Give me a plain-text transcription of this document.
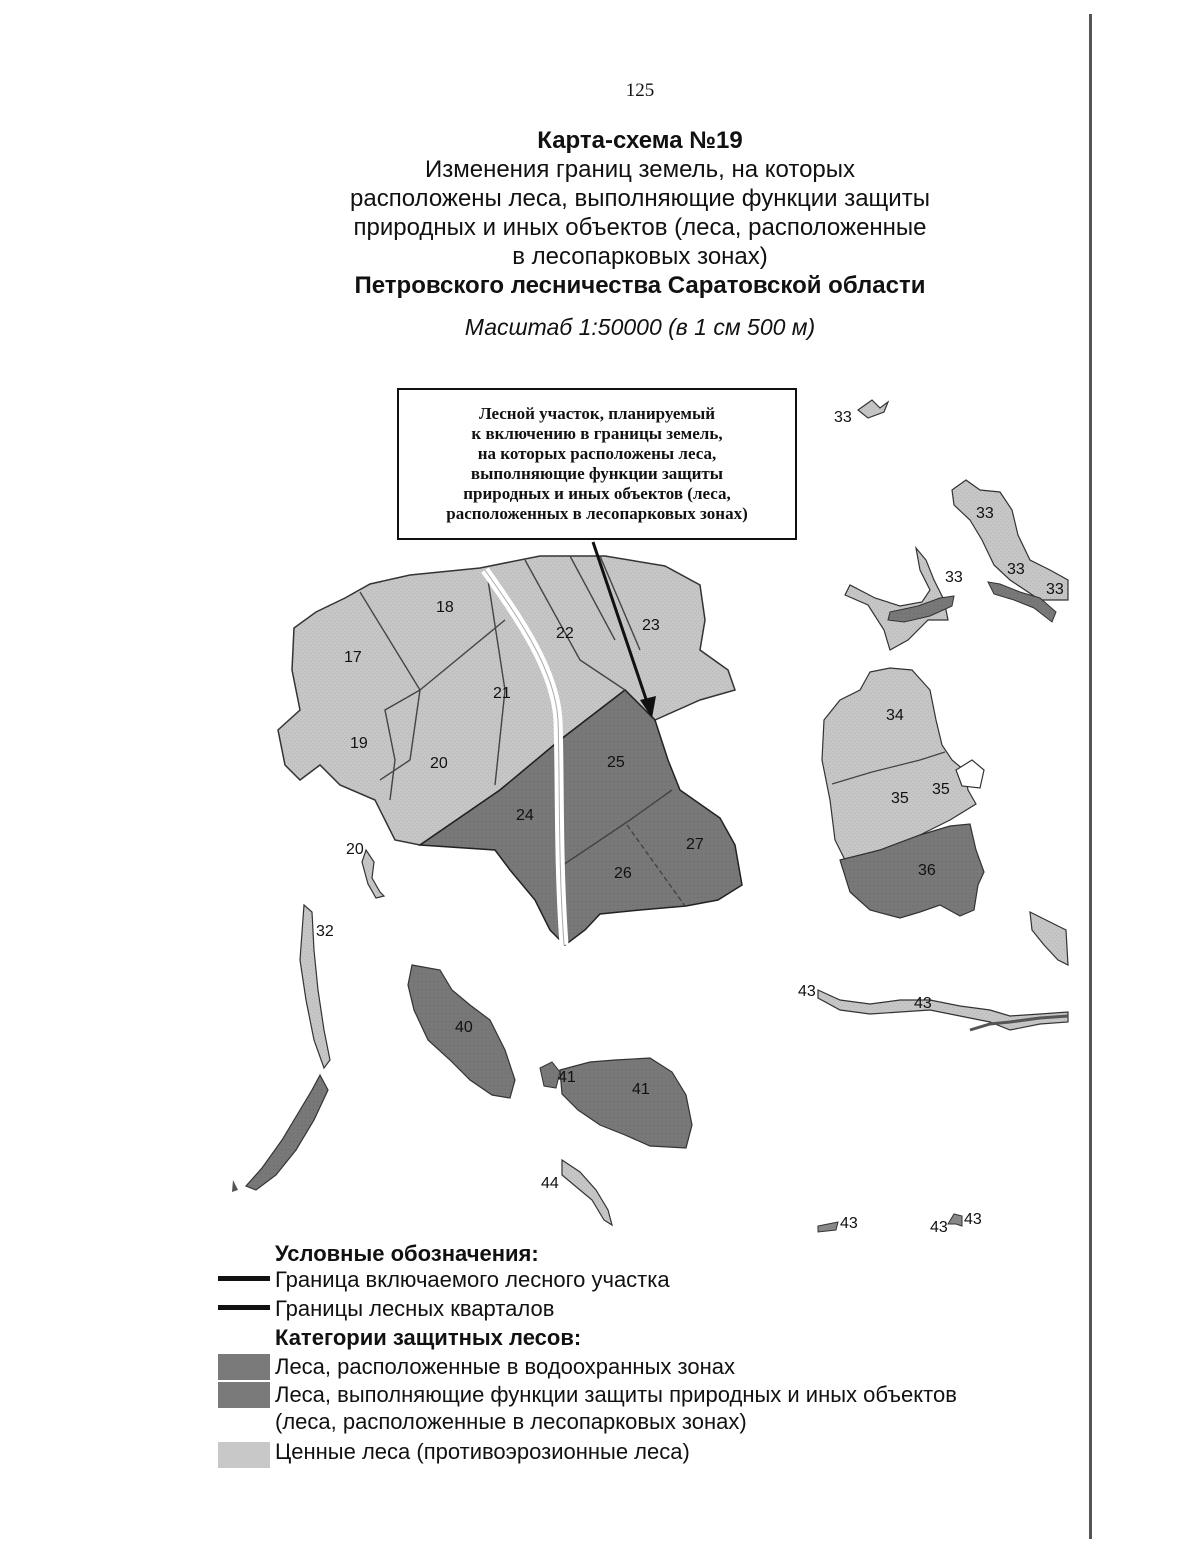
125
Карта-схема №19
Изменения границ земель, на которых
расположены леса, выполняющие функции защиты
природных и иных объектов (леса, расположенные
в лесопарковых зонах)
Петровского лесничества Саратовской области
Масштаб 1:50000 (в 1 см 500 м)
17
18
19
20
20
21
22	23
24
25
26
27
32
33
33
33	33
33
34
35
35
36
40
41
41
43
43
43	43 43
44
Лесной участок, планируемый
к включению в границы земель,
на которых расположены леса,
выполняющие функции защиты
природных и иных объектов (леса,
расположенных в лесопарковых зонах)
Условные обозначения:
Граница включаемого лесного участка
Границы лесных кварталов
Категории защитных лесов:
Леса, расположенные в водоохранных зонах
Леса, выполняющие функции защиты природных и иных объектов
(леса, расположенные в лесопарковых зонах)
Ценные леса (противоэрозионные леса)
